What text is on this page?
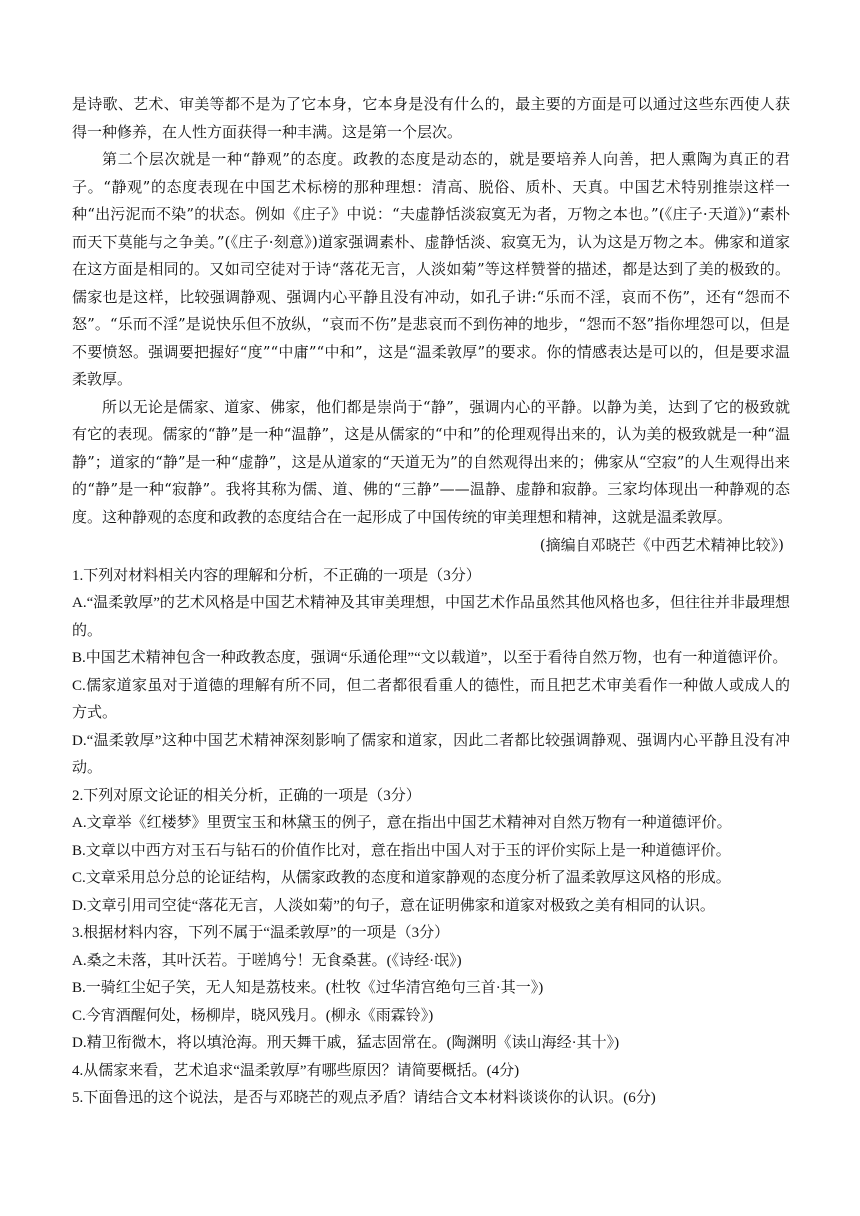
是诗歌、艺术、审美等都不是为了它本身，它本身是没有什么的，最主要的方面是可以通过这些东西使人获得一种修养，在人性方面获得一种丰满。这是第一个层次。

第二个层次就是一种“静观”的态度。政教的态度是动态的，就是要培养人向善，把人熏陶为真正的君子。“静观”的态度表现在中国艺术标榜的那种理想：清高、脱俗、质朴、天真。中国艺术特别推崇这样一种“出污泥而不染”的状态。例如《庄子》中说：“夫虚静恬淡寂寞无为者，万物之本也。”(《庄子·天道》)“素朴而天下莫能与之争美。”(《庄子·刻意》)道家强调素朴、虚静恬淡、寂寞无为，认为这是万物之本。佛家和道家在这方面是相同的。又如司空徒对于诗“落花无言，人淡如菊”等这样赞誉的描述，都是达到了美的极致的。儒家也是这样，比较强调静观、强调内心平静且没有冲动，如孔子讲:“乐而不淫，哀而不伤”，还有“怨而不怒”。“乐而不淫”是说快乐但不放纵，“哀而不伤”是悲哀而不到伤神的地步，“怨而不怒”指你埋怨可以，但是不要愤怒。强调要把握好“度”“中庸”“中和”，这是“温柔敦厚”的要求。你的情感表达是可以的，但是要求温柔敦厚。

所以无论是儒家、道家、佛家，他们都是崇尚于“静”，强调内心的平静。以静为美，达到了它的极致就有它的表现。儒家的“静”是一种“温静”，这是从儒家的“中和”的伦理观得出来的，认为美的极致就是一种“温静”；道家的“静”是一种“虚静”，这是从道家的“天道无为”的自然观得出来的；佛家从“空寂”的人生观得出来的“静”是一种“寂静”。我将其称为儒、道、佛的“三静”——温静、虚静和寂静。三家均体现出一种静观的态度。这种静观的态度和政教的态度结合在一起形成了中国传统的审美理想和精神，这就是温柔敦厚。

(摘编自邓晓芒《中西艺术精神比较》)

1.下列对材料相关内容的理解和分析，不正确的一项是（3分）

A.“温柔敦厚”的艺术风格是中国艺术精神及其审美理想，中国艺术作品虽然其他风格也多，但往往并非最理想的。

B.中国艺术精神包含一种政教态度，强调“乐通伦理”“文以载道”，以至于看待自然万物，也有一种道德评价。

C.儒家道家虽对于道德的理解有所不同，但二者都很看重人的德性，而且把艺术审美看作一种做人或成人的方式。

D.“温柔敦厚”这种中国艺术精神深刻影响了儒家和道家，因此二者都比较强调静观、强调内心平静且没有冲动。

2.下列对原文论证的相关分析，正确的一项是（3分）

A.文章举《红楼梦》里贾宝玉和林黛玉的例子，意在指出中国艺术精神对自然万物有一种道德评价。

B.文章以中西方对玉石与钻石的价值作比对，意在指出中国人对于玉的评价实际上是一种道德评价。

C.文章采用总分总的论证结构，从儒家政教的态度和道家静观的态度分析了温柔敦厚这风格的形成。

D.文章引用司空徒“落花无言，人淡如菊”的句子，意在证明佛家和道家对极致之美有相同的认识。

3.根据材料内容，下列不属于“温柔敦厚”的一项是（3分）

A.桑之未落，其叶沃若。于嗟鸠兮！无食桑葚。(《诗经·氓》)

B.一骑红尘妃子笑，无人知是荔枝来。(杜牧《过华清宫绝句三首·其一》)

C.今宵酒醒何处，杨柳岸，晓风残月。(柳永《雨霖铃》)

D.精卫衔微木，将以填沧海。刑天舞干戚，猛志固常在。(陶渊明《读山海经·其十》)

4.从儒家来看，艺术追求“温柔敦厚”有哪些原因？请简要概括。(4分)

5.下面鲁迅的这个说法，是否与邓晓芒的观点矛盾？请结合文本材料谈谈你的认识。(6分)
